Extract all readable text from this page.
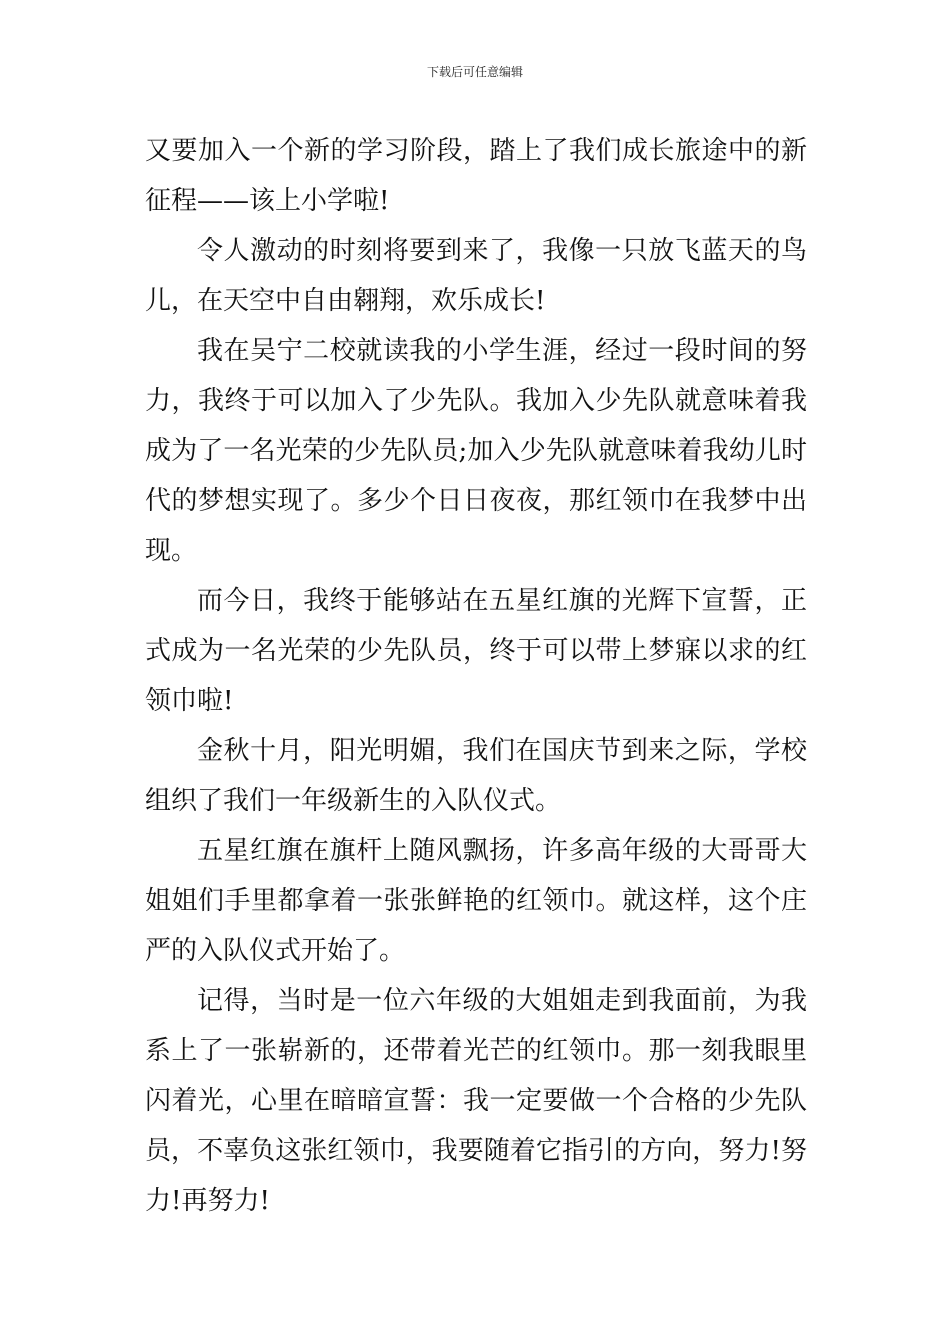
下载后可任意编辑

又要加入一个新的学习阶段，踏上了我们成长旅途中的新征程——该上小学啦!

令人激动的时刻将要到来了，我像一只放飞蓝天的鸟儿，在天空中自由翱翔，欢乐成长!

我在吴宁二校就读我的小学生涯，经过一段时间的努力，我终于可以加入了少先队。我加入少先队就意味着我成为了一名光荣的少先队员;加入少先队就意味着我幼儿时代的梦想实现了。多少个日日夜夜，那红领巾在我梦中出现。

而今日，我终于能够站在五星红旗的光辉下宣誓，正式成为一名光荣的少先队员，终于可以带上梦寐以求的红领巾啦!

金秋十月，阳光明媚，我们在国庆节到来之际，学校组织了我们一年级新生的入队仪式。

五星红旗在旗杆上随风飘扬，许多高年级的大哥哥大姐姐们手里都拿着一张张鲜艳的红领巾。就这样，这个庄严的入队仪式开始了。

记得，当时是一位六年级的大姐姐走到我面前，为我系上了一张崭新的，还带着光芒的红领巾。那一刻我眼里闪着光，心里在暗暗宣誓：我一定要做一个合格的少先队员，不辜负这张红领巾，我要随着它指引的方向，努力!努力!再努力!
